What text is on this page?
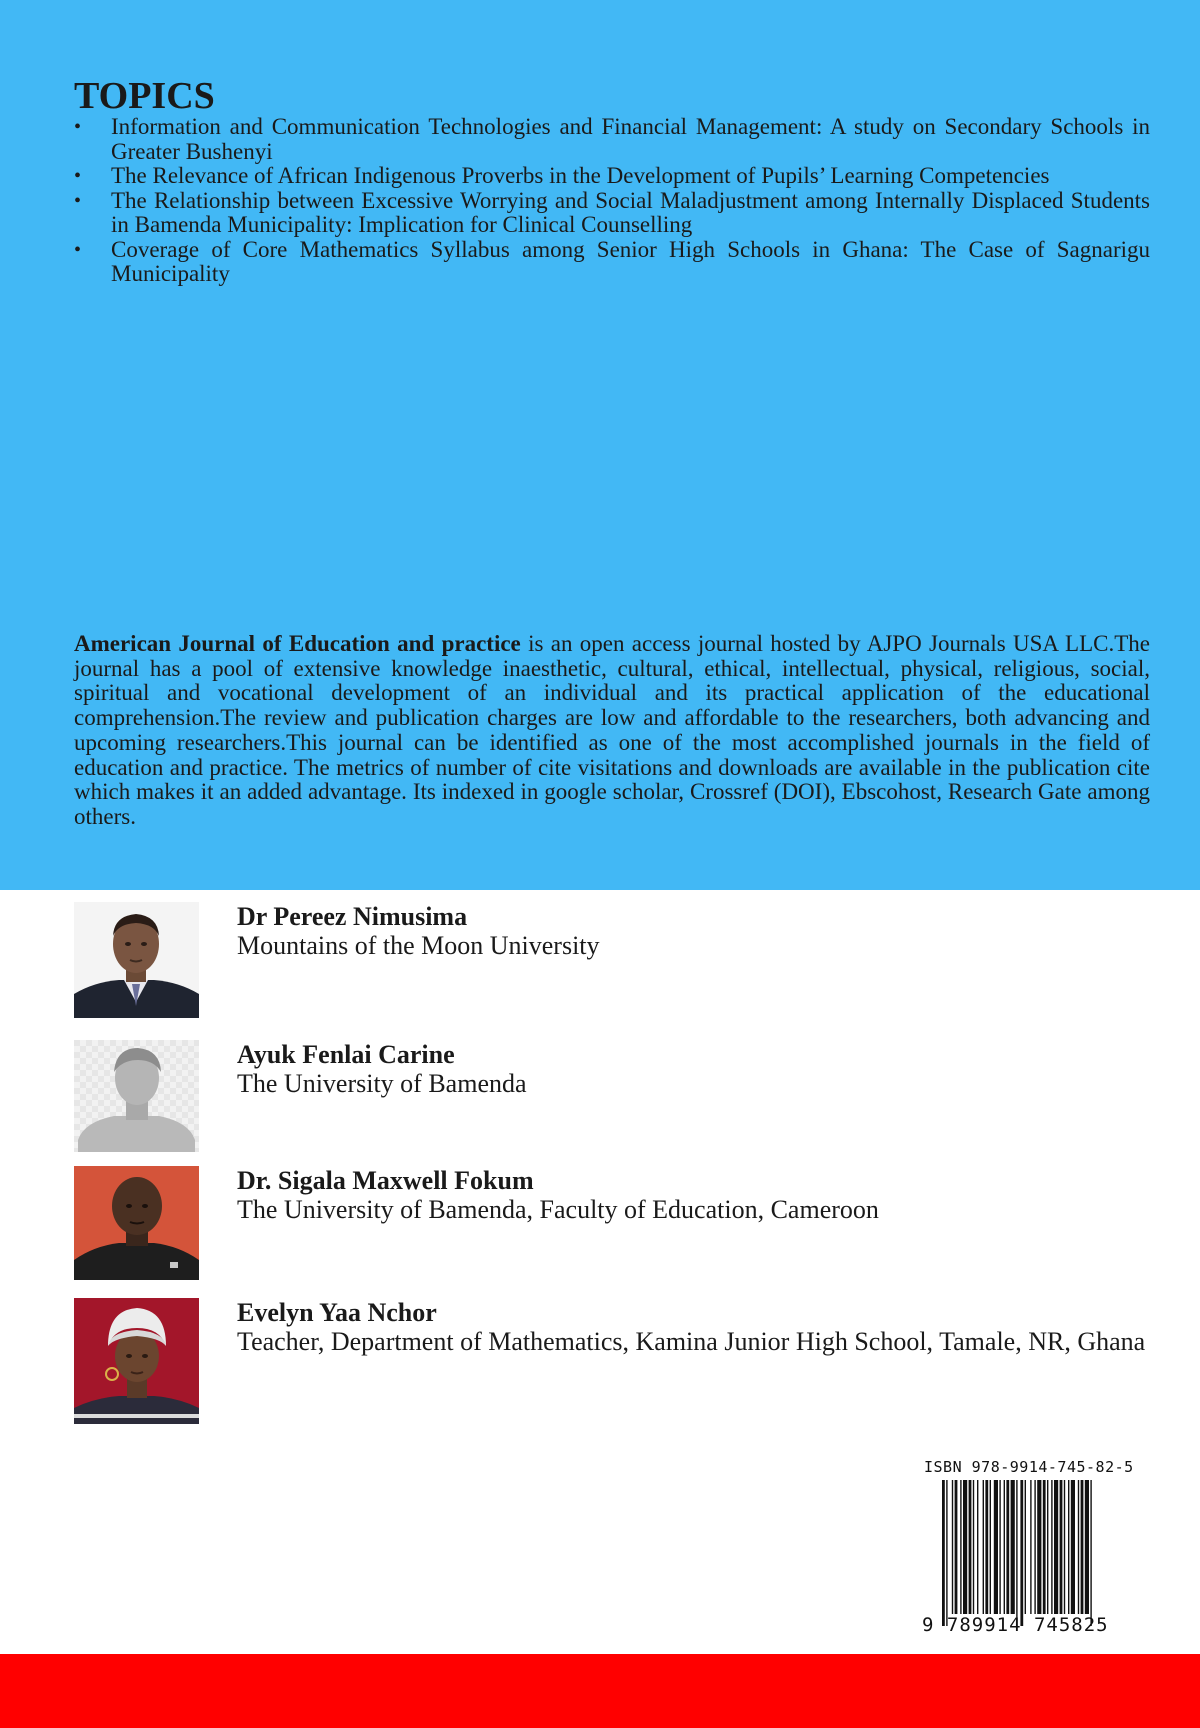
TOPICS
• Information and Communication Technologies and Financial Management: A study on Secondary Schools in Greater Bushenyi
• The Relevance of African Indigenous Proverbs in the Development of Pupils’ Learning Competencies
• The Relationship between Excessive Worrying and Social Maladjustment among Internally Displaced Students in Bamenda Municipality: Implication for Clinical Counselling
• Coverage of Core Mathematics Syllabus among Senior High Schools in Ghana: The Case of Sagnarigu Municipality

American Journal of Education and practice is an open access journal hosted by AJPO Journals USA LLC.The journal has a pool of extensive knowledge inaesthetic, cultural, ethical, intellectual, physical, religious, social, spiritual and vocational development of an individual and its practical application of the educational comprehension.The review and publication charges are low and affordable to the researchers, both advancing and upcoming researchers.This journal can be identified as one of the most accomplished journals in the field of education and practice. The metrics of number of cite visitations and downloads are available in the publication cite which makes it an added advantage. Its indexed in google scholar, Crossref (DOI), Ebscohost, Research Gate among others.

Dr Pereez Nimusima
Mountains of the Moon University
Ayuk Fenlai Carine
The University of Bamenda
Dr. Sigala Maxwell Fokum
The University of Bamenda, Faculty of Education, Cameroon
Evelyn Yaa Nchor
Teacher, Department of Mathematics, Kamina Junior High School, Tamale, NR, Ghana
ISBN 978-9914-745-82-5
9 789914 745825
